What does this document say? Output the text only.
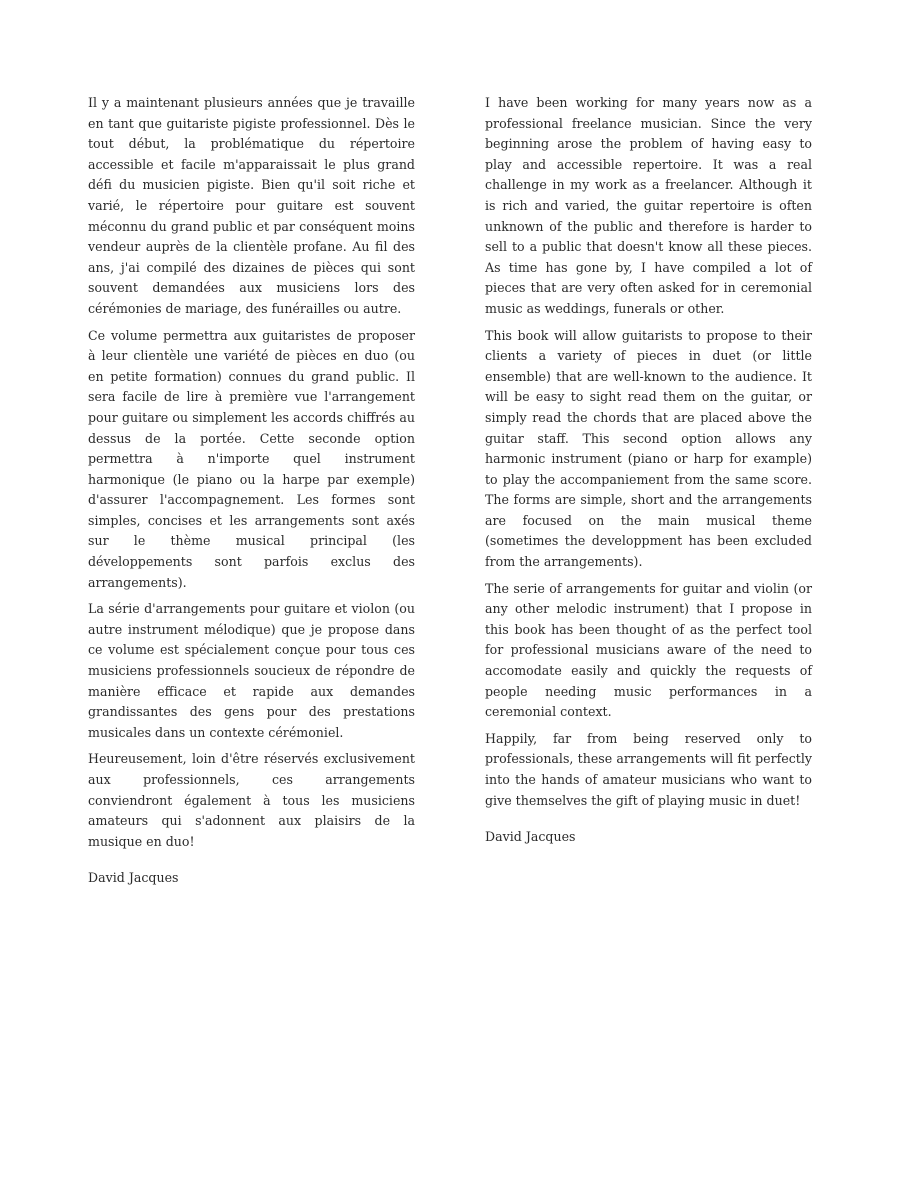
Il y a maintenant plusieurs années que je travaille en tant que guitariste pigiste professionnel. Dès le tout début, la problématique du répertoire accessible et facile m'apparaissait le plus grand défi du musicien pigiste. Bien qu'il soit riche et varié, le répertoire pour guitare est souvent méconnu du grand public et par conséquent moins vendeur auprès de la clientèle profane. Au fil des ans, j'ai compilé des dizaines de pièces qui sont souvent demandées aux musiciens lors des cérémonies de mariage, des funérailles ou autre.

Ce volume permettra aux guitaristes de proposer à leur clientèle une variété de pièces en duo (ou en petite formation) connues du grand public. Il sera facile de lire à première vue l'arrangement pour guitare ou simplement les accords chiffrés au dessus de la portée. Cette seconde option permettra à n'importe quel instrument harmonique (le piano ou la harpe par exemple) d'assurer l'accompagnement. Les formes sont simples, concises et les arrangements sont axés sur le thème musical principal (les développements sont parfois exclus des arrangements).

La série d'arrangements pour guitare et violon (ou autre instrument mélodique) que je propose dans ce volume est spécialement conçue pour tous ces musiciens professionnels soucieux de répondre de manière efficace et rapide aux demandes grandissantes des gens pour des prestations musicales dans un contexte cérémoniel.

Heureusement, loin d'être réservés exclusivement aux professionnels, ces arrangements conviendront également à tous les musiciens amateurs qui s'adonnent aux plaisirs de la musique en duo!

David Jacques

I have been working for many years now as a professional freelance musician. Since the very beginning arose the problem of having easy to play and accessible repertoire. It was a real challenge in my work as a freelancer. Although it is rich and varied, the guitar repertoire is often unknown of the public and therefore is harder to sell to a public that doesn't know all these pieces. As time has gone by, I have compiled a lot of pieces that are very often asked for in ceremonial music as weddings, funerals or other.

This book will allow guitarists to propose to their clients a variety of pieces in duet (or little ensemble) that are well-known to the audience. It will be easy to sight read them on the guitar, or simply read the chords that are placed above the guitar staff. This second option allows any harmonic instrument (piano or harp for example) to play the accompaniement from the same score. The forms are simple, short and the arrangements are focused on the main musical theme (sometimes the developpment has been excluded from the arrangements).

The serie of arrangements for guitar and violin (or any other melodic instrument) that I propose in this book has been thought of as the perfect tool for professional musicians aware of the need to accomodate easily and quickly the requests of people needing music performances in a ceremonial context.

Happily, far from being reserved only to professionals, these arrangements will fit perfectly into the hands of amateur musicians who want to give themselves the gift of playing music in duet!

David Jacques
